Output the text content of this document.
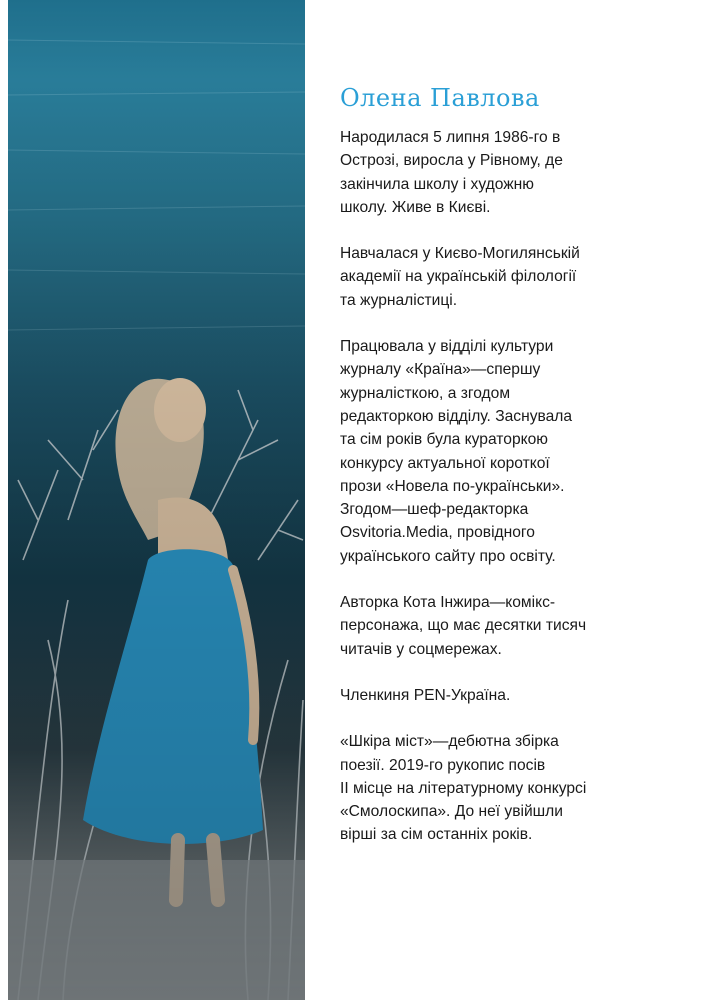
Олена Павлова

Народилася 5 липня 1986-го в
Острозі, виросла у Рівному, де
закінчила школу і художню
школу. Живе в Києві.

Навчалася у Києво-Могилянській
академії на українській філології
та журналістиці.

Працювала у відділі культури
журналу «Країна»—спершу
журналісткою, а згодом
редакторкою відділу. Заснувала
та сім років була кураторкою
конкурсу актуальної короткої
прози «Новела по-українськи».
Згодом—шеф-редакторка
Osvitoria.Media, провідного
українського сайту про освіту.

Авторка Кота Інжира—комікс-
персонажа, що має десятки тисяч
читачів у соцмережах.

Членкиня PEN-Україна.

«Шкіра міст»—дебютна збірка
поезії. 2019-го рукопис посів
ІІ місце на літературному конкурсі
«Смолоскипа». До неї увійшли
вірші за сім останніх років.
